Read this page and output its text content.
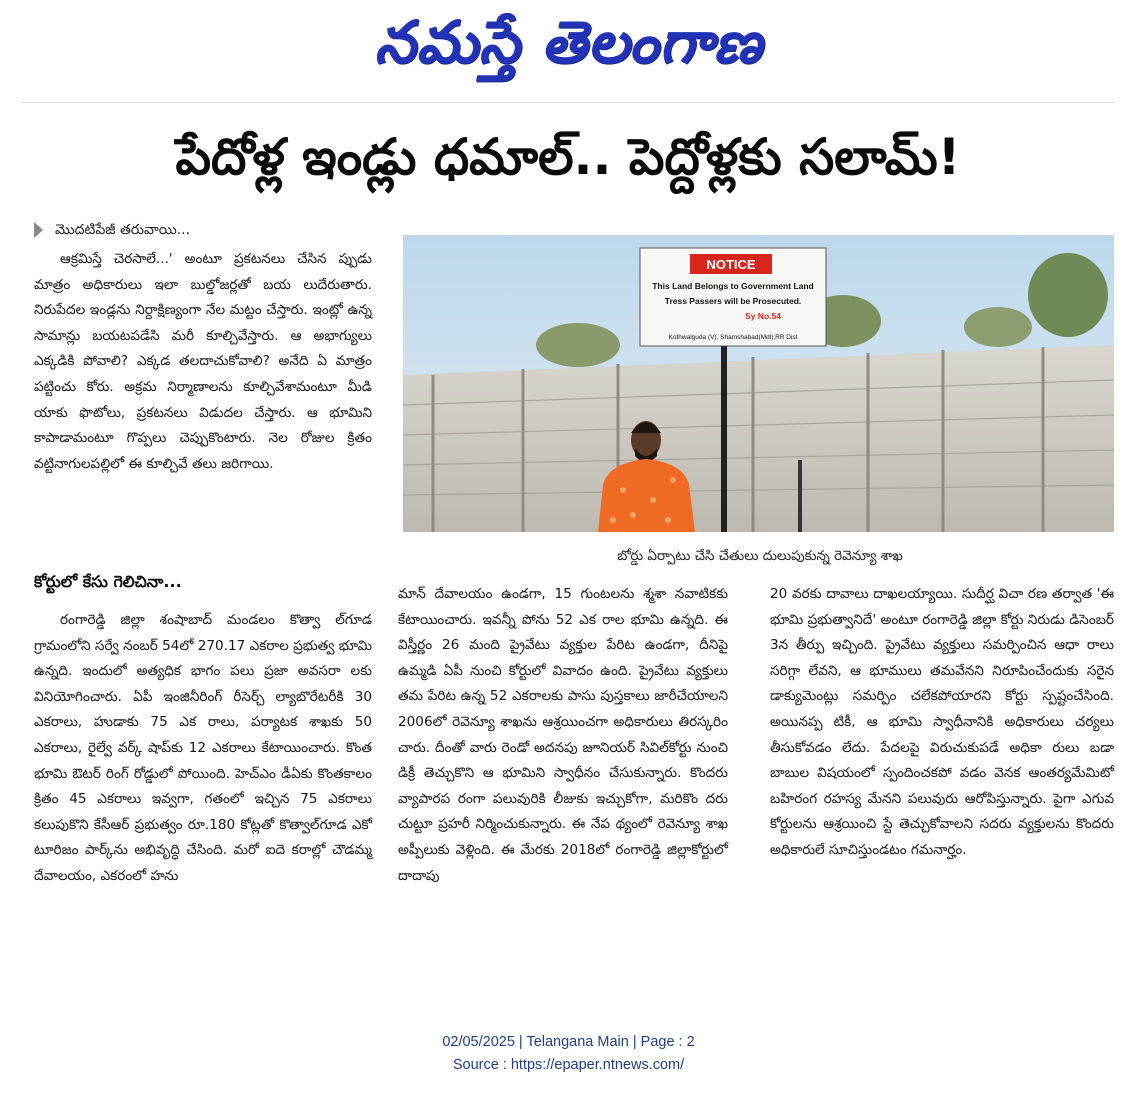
నమస్తే తెలంగాణ
పేదోళ్ల ఇండ్లు ధమాల్‌.. పెద్దోళ్లకు సలామ్‌!
మొదటిపేజీ తరువాయి...

ఆక్రమిస్తే చెరసాలే...' అంటూ ప్రకటనలు చేసిన ప్పుడు మాత్రం అధికారులు ఇలా బుల్డోజర్లతో బయ లుదేరుతారు. నిరుపేదల ఇండ్లను నిర్దాక్షిణ్యంగా నేల మట్టం చేస్తారు. ఇంట్లో ఉన్న సామాన్లు బయటపడేసి మరీ కూల్చివేస్తారు. ఆ అభాగ్యులు ఎక్కడికి పోవాలి? ఎక్కడ తలదాచుకోవాలి? అనేది ఏ మాత్రం పట్టించు కోరు. అక్రమ నిర్మాణాలను కూల్చివేశామంటూ మీడి యాకు ఫొటోలు, ప్రకటనలు విడుదల చేస్తారు. ఆ భూమిని కాపాడామంటూ గొప్పలు చెప్పుకొంటారు. నెల రోజుల క్రితం వట్టినాగులపల్లిలో ఈ కూల్చివే తలు జరిగాయి.

కోర్టులో కేసు గెలిచినా...

రంగారెడ్డి జిల్లా శంషాబాద్‌ మండలం కొత్వా ల్‌గూడ గ్రామంలోని సర్వే నంబర్‌ 54లో 270.17 ఎకరాల ప్రభుత్వ భూమి ఉన్నది. ఇందులో అత్యధిక భాగం పలు ప్రజా అవసరా లకు వినియోగించారు. ఏపీ ఇంజినీరింగ్‌ రీసెర్చ్‌ ల్యాబొరేటరీకి 30 ఎకరాలు, హుడాకు 75 ఎక రాలు, పర్యాటక శాఖకు 50 ఎకరాలు, రైల్వే వర్క్‌ షాప్‌కు 12 ఎకరాలు కేటాయించారు. కొంత భూమి ఔటర్‌ రింగ్‌ రోడ్డులో పోయింది. హెచ్‌ఎం డీఏకు కొంతకాలం క్రితం 45 ఎకరాలు ఇవ్వగా, గతంలో ఇచ్చిన 75 ఎకరాలు కలుపుకొని కేసీఆర్‌ ప్రభుత్వం రూ.180 కోట్లతో కొత్వాల్‌గూడ ఎకో టూరిజం పార్క్‌ను అభివృద్ధి చేసింది. మరో ఐదె కరాల్లో చౌడమ్మ దేవాలయం, ఎకరంలో హను

NOTICE
This Land Belongs to Government Land
Tress Passers will be Prosecuted.
Sy No.54
Kothwalguda (V), Shamshabad(Mdl),RR Dist
బోర్డు ఏర్పాటు చేసి చేతులు దులుపుకున్న రెవెన్యూ శాఖ

మాన్‌ దేవాలయం ఉండగా, 15 గుంటలను శ్మశా నవాటికకు కేటాయించారు. ఇవన్నీ పోను 52 ఎక రాల భూమి ఉన్నది. ఈ విస్తీర్ణం 26 మంది ప్రైవేటు వ్యక్తుల పేరిట ఉండగా, దీనిపై ఉమ్మడి ఏపీ నుంచి కోర్టులో వివాదం ఉంది. ప్రైవేటు వ్యక్తులు తమ పేరిట ఉన్న 52 ఎకరాలకు పాసు పుస్తకాలు జారీచేయాలని 2006లో రెవెన్యూ శాఖను ఆశ్రయించగా అధికారులు తిరస్కరిం చారు. దీంతో వారు రెండో అదనపు జూనియర్‌ సివిల్‌కోర్టు నుంచి డిక్రీ తెచ్చుకొని ఆ భూమిని స్వాధీనం చేసుకున్నారు. కొందరు వ్యాపారప రంగా పలువురికి లీజుకు ఇచ్చుకోగా, మరికొం దరు చుట్టూ ప్రహరీ నిర్మించుకున్నారు. ఈ నేప థ్యంలో రెవెన్యూ శాఖ అప్పీలుకు వెళ్లింది. ఈ మేరకు 2018లో రంగారెడ్డి జిల్లాకోర్టులో దాదాపు

20 వరకు దావాలు దాఖలయ్యాయి. సుదీర్ఘ విచా రణ తర్వాత 'ఈ భూమి ప్రభుత్వానిదే' అంటూ రంగారెడ్డి జిల్లా కోర్టు నిరుడు డిసెంబర్‌ 3న తీర్పు ఇచ్చింది. ప్రైవేటు వ్యక్తులు సమర్పించిన ఆధా రాలు సరిగ్గా లేవని, ఆ భూములు తమవేనని నిరూపించేందుకు సరైన డాక్యుమెంట్లు సమర్పిం చలేకపోయారని కోర్టు స్పష్టంచేసింది. అయినప్ప టికీ, ఆ భూమి స్వాధీనానికి అధికారులు చర్యలు తీసుకోవడం లేదు. పేదలపై విరుచుకుపడే అధికా రులు బడా బాబుల విషయంలో స్పందించకపో వడం వెనక ఆంతర్యమేమిటో బహిరంగ రహస్య మేనని పలువురు ఆరోపిస్తున్నారు. పైగా ఎగువ కోర్టులను ఆశ్రయించి స్టే తెచ్చుకోవాలని సదరు వ్యక్తులను కొందరు అధికారులే సూచిస్తుండటం గమనార్హం.

02/05/2025 | Telangana Main | Page : 2
Source : https://epaper.ntnews.com/
